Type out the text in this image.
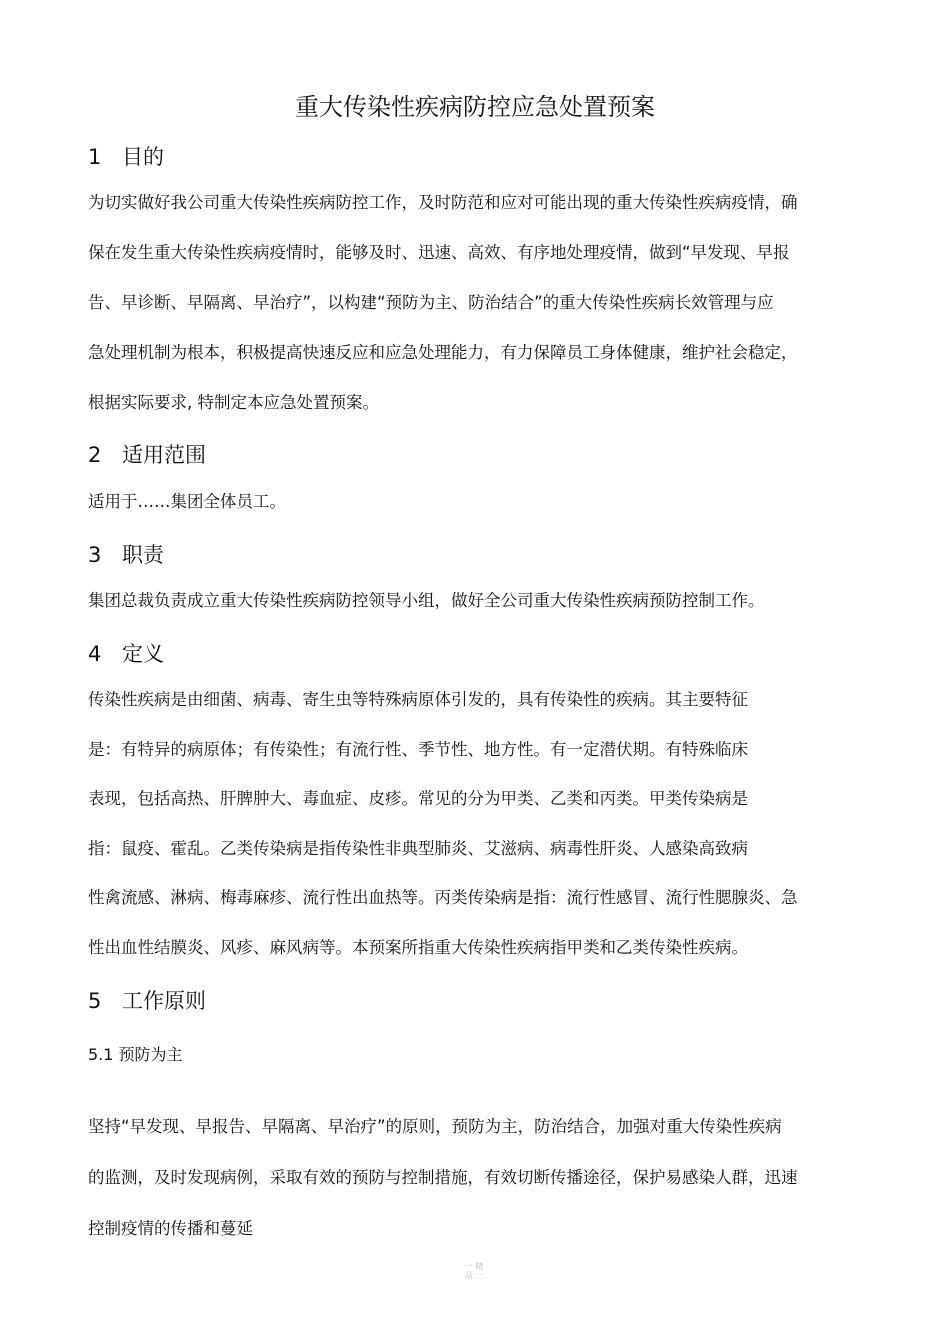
重大传染性疾病防控应急处置预案
1 目的
为切实做好我公司重大传染性疾病防控工作，及时防范和应对可能出现的重大传染性疾病疫情，确
保在发生重大传染性疾病疫情时，能够及时、迅速、高效、有序地处理疫情，做到“早发现、早报
告、早诊断、早隔离、早治疗”，以构建“预防为主、防治结合”的重大传染性疾病长效管理与应
急处理机制为根本，积极提高快速反应和应急处理能力，有力保障员工身体健康，维护社会稳定，
根据实际要求, 特制定本应急处置预案。
2 适用范围
适用于……集团全体员工。
3 职责
集团总裁负责成立重大传染性疾病防控领导小组，做好全公司重大传染性疾病预防控制工作。
4 定义
传染性疾病是由细菌、病毒、寄生虫等特殊病原体引发的，具有传染性的疾病。其主要特征
是：有特异的病原体；有传染性；有流行性、季节性、地方性。有一定潜伏期。有特殊临床
表现，包括高热、肝脾肿大、毒血症、皮疹。常见的分为甲类、乙类和丙类。甲类传染病是
指：鼠疫、霍乱。乙类传染病是指传染性非典型肺炎、艾滋病、病毒性肝炎、人感染高致病
性禽流感、淋病、梅毒麻疹、流行性出血热等。丙类传染病是指：流行性感冒、流行性腮腺炎、急
性出血性结膜炎、风疹、麻风病等。本预案所指重大传染性疾病指甲类和乙类传染性疾病。
5 工作原则
5.1 预防为主
坚持“早发现、早报告、早隔离、早治疗”的原则，预防为主，防治结合，加强对重大传染性疾病
的监测，及时发现病例，采取有效的预防与控制措施，有效切断传播途径，保护易感染人群，迅速
控制疫情的传播和蔓延
一 精品 一
